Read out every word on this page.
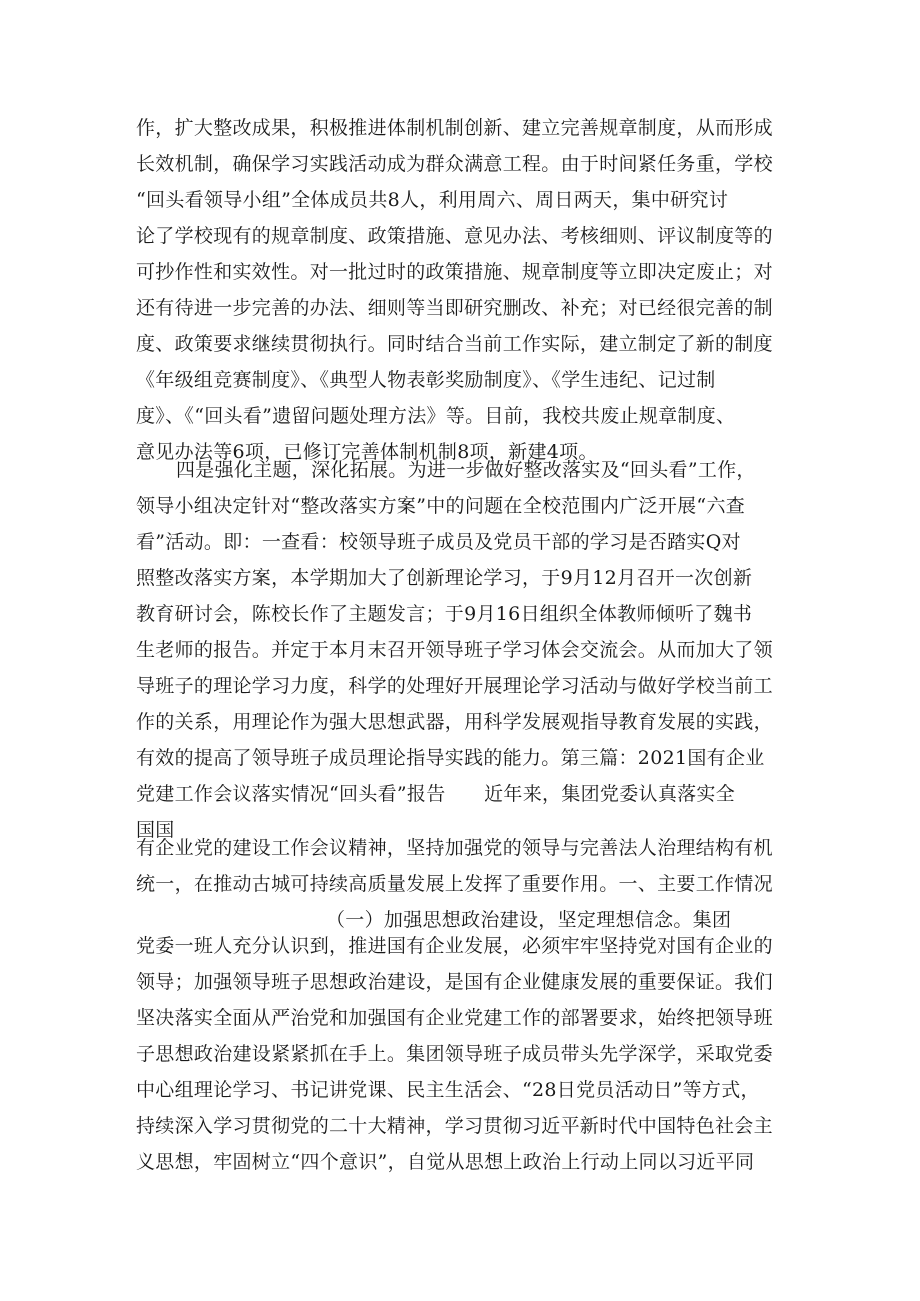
作，扩大整改成果，积极推进体制机制创新、建立完善规章制度，从而形成
长效机制，确保学习实践活动成为群众满意工程。由于时间紧任务重，学校
“回头看领导小组”全体成员共8人，利用周六、周日两天，集中研究讨
论了学校现有的规章制度、政策措施、意见办法、考核细则、评议制度等的
可抄作性和实效性。对一批过时的政策措施、规章制度等立即决定废止；对
还有待进一步完善的办法、细则等当即研究删改、补充；对已经很完善的制
度、政策要求继续贯彻执行。同时结合当前工作实际，建立制定了新的制度
《年级组竞赛制度》、《典型人物表彰奖励制度》、《学生违纪、记过制
度》、《“回头看”遗留问题处理方法》等。目前，我校共废止规章制度、
意见办法等6项，已修订完善体制机制8项，新建4项。
四是强化主题，深化拓展。为进一步做好整改落实及“回头看”工作，
领导小组决定针对“整改落实方案”中的问题在全校范围内广泛开展“六查
看”活动。即：一查看：校领导班子成员及党员干部的学习是否踏实Q对
照整改落实方案，本学期加大了创新理论学习，于9月12月召开一次创新
教育研讨会，陈校长作了主题发言；于9月16日组织全体教师倾听了魏书
生老师的报告。并定于本月末召开领导班子学习体会交流会。从而加大了领
导班子的理论学习力度，科学的处理好开展理论学习活动与做好学校当前工
作的关系，用理论作为强大思想武器，用科学发展观指导教育发展的实践，
有效的提高了领导班子成员理论指导实践的能力。第三篇：2021国有企业
党建工作会议落实情况“回头看”报告　　近年来，集团党委认真落实全
国国
有企业党的建设工作会议精神，坚持加强党的领导与完善法人治理结构有机
统一，在推动古城可持续高质量发展上发挥了重要作用。一、主要工作情况
（一）加强思想政治建设，坚定理想信念。集团
党委一班人充分认识到，推进国有企业发展，必须牢牢坚持党对国有企业的
领导；加强领导班子思想政治建设，是国有企业健康发展的重要保证。我们
坚决落实全面从严治党和加强国有企业党建工作的部署要求，始终把领导班
子思想政治建设紧紧抓在手上。集团领导班子成员带头先学深学，采取党委
中心组理论学习、书记讲党课、民主生活会、“28日党员活动日”等方式，
持续深入学习贯彻党的二十大精神，学习贯彻习近平新时代中国特色社会主
义思想，牢固树立“四个意识”，自觉从思想上政治上行动上同以习近平同
